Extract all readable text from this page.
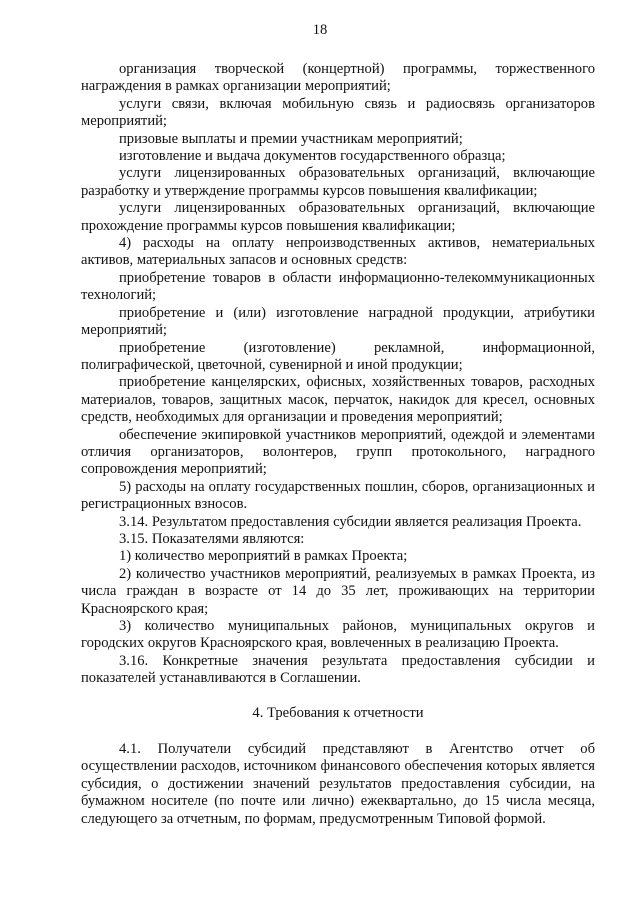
18

организация творческой (концертной) программы, торжественного награждения в рамках организации мероприятий;

услуги связи, включая мобильную связь и радиосвязь организаторов мероприятий;

призовые выплаты и премии участникам мероприятий;

изготовление и выдача документов государственного образца;

услуги лицензированных образовательных организаций, включающие разработку и утверждение программы курсов повышения квалификации;

услуги лицензированных образовательных организаций, включающие прохождение программы курсов повышения квалификации;

4) расходы на оплату непроизводственных активов, нематериальных активов, материальных запасов и основных средств:

приобретение товаров в области информационно-телекоммуникационных технологий;

приобретение и (или) изготовление наградной продукции, атрибутики мероприятий;

приобретение (изготовление) рекламной, информационной, полиграфической, цветочной, сувенирной и иной продукции;

приобретение канцелярских, офисных, хозяйственных товаров, расходных материалов, товаров, защитных масок, перчаток, накидок для кресел, основных средств, необходимых для организации и проведения мероприятий;

обеспечение экипировкой участников мероприятий, одеждой и элементами отличия организаторов, волонтеров, групп протокольного, наградного сопровождения мероприятий;

5) расходы на оплату государственных пошлин, сборов, организационных и регистрационных взносов.

3.14. Результатом предоставления субсидии является реализация Проекта.

3.15. Показателями являются:

1) количество мероприятий в рамках Проекта;

2) количество участников мероприятий, реализуемых в рамках Проекта, из числа граждан в возрасте от 14 до 35 лет, проживающих на территории Красноярского края;

3) количество муниципальных районов, муниципальных округов и городских округов Красноярского края, вовлеченных в реализацию Проекта.

3.16. Конкретные значения результата предоставления субсидии и показателей устанавливаются в Соглашении.

4. Требования к отчетности

4.1. Получатели субсидий представляют в Агентство отчет об осуществлении расходов, источником финансового обеспечения которых является субсидия, о достижении значений результатов предоставления субсидии, на бумажном носителе (по почте или лично) ежеквартально, до 15 числа месяца, следующего за отчетным, по формам, предусмотренным Типовой формой.
